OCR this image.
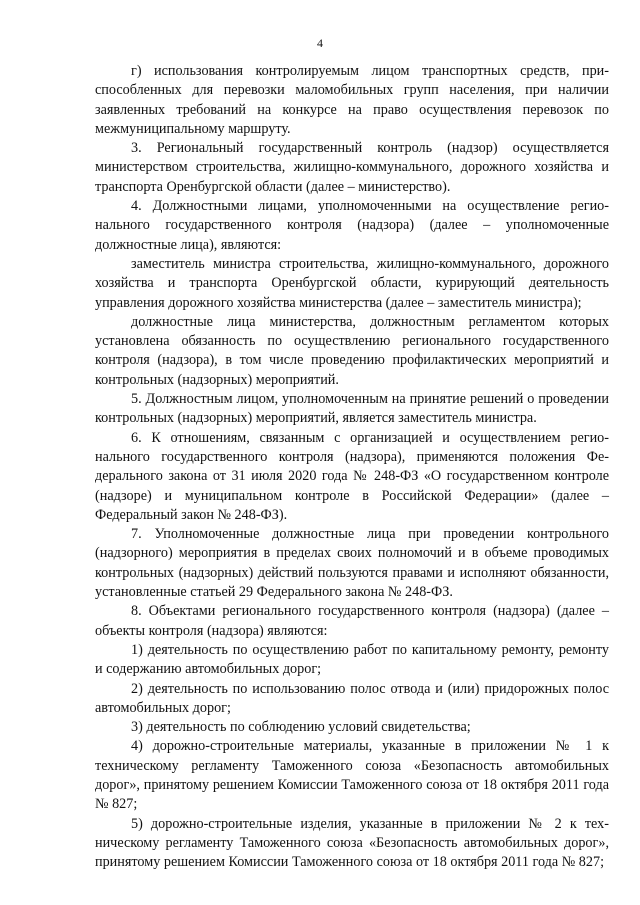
4

г) использования контролируемым лицом транспортных средств, приспособленных для перевозки маломобильных групп населения, при наличии заявленных требований на конкурсе на право осуществления перевозок по межмуниципальному маршруту.

3. Региональный государственный контроль (надзор) осуществляется министерством строительства, жилищно-коммунального, дорожного хозяйства и транспорта Оренбургской области (далее – министерство).

4. Должностными лицами, уполномоченными на осуществление регионального государственного контроля (надзора) (далее – уполномоченные должностные лица), являются:

заместитель министра строительства, жилищно-коммунального, дорожного хозяйства и транспорта Оренбургской области, курирующий деятельность управления дорожного хозяйства министерства (далее – заместитель министра);

должностные лица министерства, должностным регламентом которых установлена обязанность по осуществлению регионального государственного контроля (надзора), в том числе проведению профилактических мероприятий и контрольных (надзорных) мероприятий.

5. Должностным лицом, уполномоченным на принятие решений о проведении контрольных (надзорных) мероприятий, является заместитель министра.

6. К отношениям, связанным с организацией и осуществлением регионального государственного контроля (надзора), применяются положения Федерального закона от 31 июля 2020 года № 248-ФЗ «О государственном контроле (надзоре) и муниципальном контроле в Российской Федерации» (далее – Федеральный закон № 248-ФЗ).

7. Уполномоченные должностные лица при проведении контрольного (надзорного) мероприятия в пределах своих полномочий и в объеме проводимых контрольных (надзорных) действий пользуются правами и исполняют обязанности, установленные статьей 29 Федерального закона № 248-ФЗ.

8. Объектами регионального государственного контроля (надзора) (далее – объекты контроля (надзора) являются:

1) деятельность по осуществлению работ по капитальному ремонту, ремонту и содержанию автомобильных дорог;

2) деятельность по использованию полос отвода и (или) придорожных полос автомобильных дорог;

3) деятельность по соблюдению условий свидетельства;

4) дорожно-строительные материалы, указанные в приложении № 1 к техническому регламенту Таможенного союза «Безопасность автомобильных дорог», принятому решением Комиссии Таможенного союза от 18 октября 2011 года № 827;

5) дорожно-строительные изделия, указанные в приложении № 2 к техническому регламенту Таможенного союза «Безопасность автомобильных дорог», принятому решением Комиссии Таможенного союза от 18 октября 2011 года № 827;
